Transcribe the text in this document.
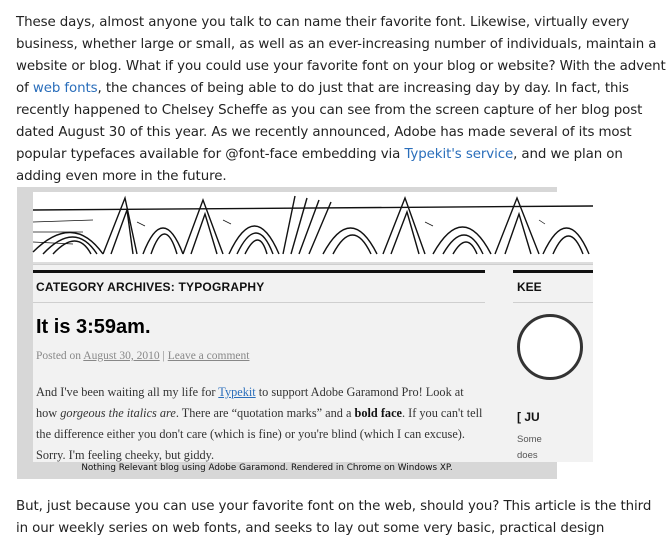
These days, almost anyone you talk to can name their favorite font. Likewise, virtually every
business, whether large or small, as well as an ever-increasing number of individuals, maintain a
website or blog. What if you could use your favorite font on your blog or website? With the advent
of web fonts, the chances of being able to do just that are increasing day by day. In fact, this
recently happened to Chelsey Scheffe as you can see from the screen capture of her blog post
dated August 30 of this year. As we recently announced, Adobe has made several of its most
popular typefaces available for @font-face embedding via Typekit's service, and we plan on
adding even more in the future.
CATEGORY ARCHIVES: TYPOGRAPHY
It is 3:59am.
Posted on August 30, 2010 | Leave a comment
And I've been waiting all my life for Typekit to support Adobe Garamond Pro! Look at
how gorgeous the italics are. There are “quotation marks” and a bold face. If you can't tell
the difference either you don't care (which is fine) or you're blind (which I can excuse).
Sorry. I'm feeling cheeky, but giddy.
KEE
[ JU
Some
does
Nothing Relevant blog using Adobe Garamond. Rendered in Chrome on Windows XP.
But, just because you can use your favorite font on the web, should you? This article is the third
in our weekly series on web fonts, and seeks to lay out some very basic, practical design
